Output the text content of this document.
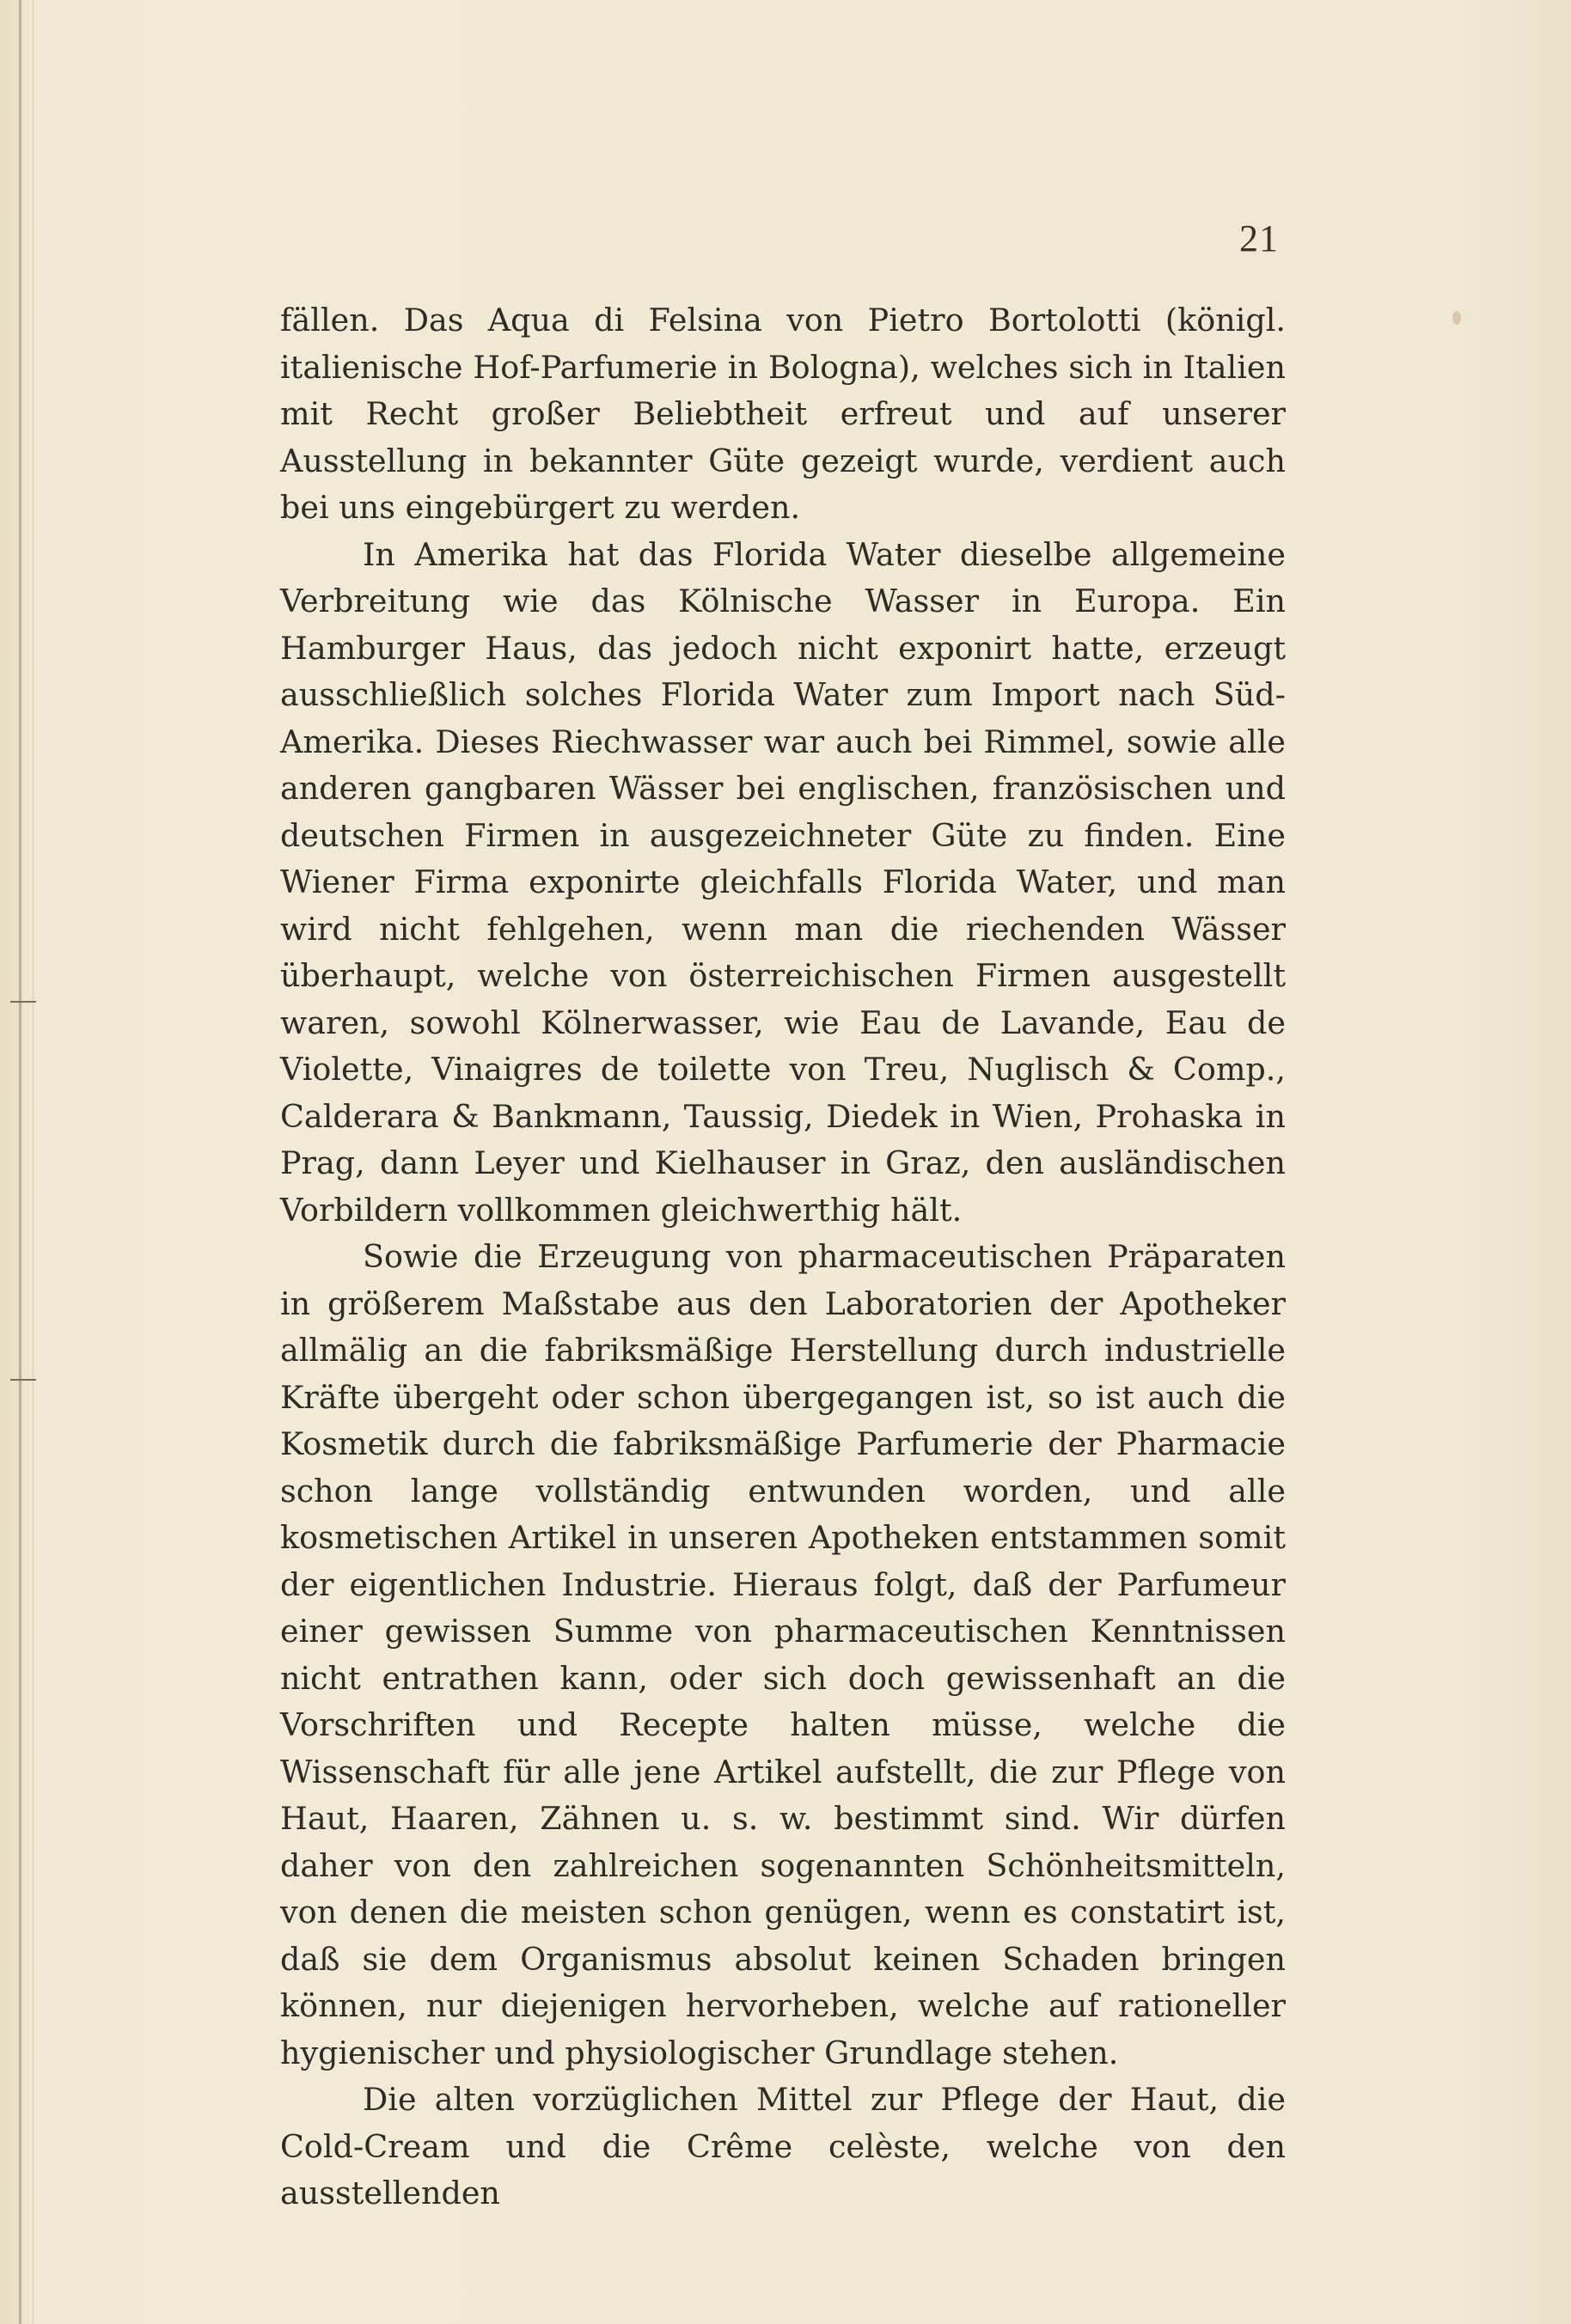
21

fällen. Das Aqua di Felsina von Pietro Bortolotti (königl. italienische Hof-Parfumerie in Bologna), welches sich in Italien mit Recht großer Beliebtheit erfreut und auf unserer Ausstellung in bekannter Güte gezeigt wurde, verdient auch bei uns eingebürgert zu werden.

In Amerika hat das Florida Water dieselbe allgemeine Verbreitung wie das Kölnische Wasser in Europa. Ein Hamburger Haus, das jedoch nicht exponirt hatte, erzeugt ausschließlich solches Florida Water zum Import nach Süd-Amerika. Dieses Riechwasser war auch bei Rimmel, sowie alle anderen gangbaren Wässer bei englischen, französischen und deutschen Firmen in ausgezeichneter Güte zu finden. Eine Wiener Firma exponirte gleichfalls Florida Water, und man wird nicht fehlgehen, wenn man die riechenden Wässer überhaupt, welche von österreichischen Firmen ausgestellt waren, sowohl Kölnerwasser, wie Eau de Lavande, Eau de Violette, Vinaigres de toilette von Treu, Nuglisch & Comp., Calderara & Bankmann, Taussig, Diedek in Wien, Prohaska in Prag, dann Leyer und Kielhauser in Graz, den ausländischen Vorbildern vollkommen gleichwerthig hält.

Sowie die Erzeugung von pharmaceutischen Präparaten in größerem Maßstabe aus den Laboratorien der Apotheker allmälig an die fabriksmäßige Herstellung durch industrielle Kräfte übergeht oder schon übergegangen ist, so ist auch die Kosmetik durch die fabriksmäßige Parfumerie der Pharmacie schon lange vollständig entwunden worden, und alle kosmetischen Artikel in unseren Apotheken entstammen somit der eigentlichen Industrie. Hieraus folgt, daß der Parfumeur einer gewissen Summe von pharmaceutischen Kenntnissen nicht entrathen kann, oder sich doch gewissenhaft an die Vorschriften und Recepte halten müsse, welche die Wissenschaft für alle jene Artikel aufstellt, die zur Pflege von Haut, Haaren, Zähnen u. s. w. bestimmt sind. Wir dürfen daher von den zahlreichen sogenannten Schönheitsmitteln, von denen die meisten schon genügen, wenn es constatirt ist, daß sie dem Organismus absolut keinen Schaden bringen können, nur diejenigen hervorheben, welche auf rationeller hygienischer und physiologischer Grundlage stehen.

Die alten vorzüglichen Mittel zur Pflege der Haut, die Cold-Cream und die Crême celèste, welche von den ausstellenden
